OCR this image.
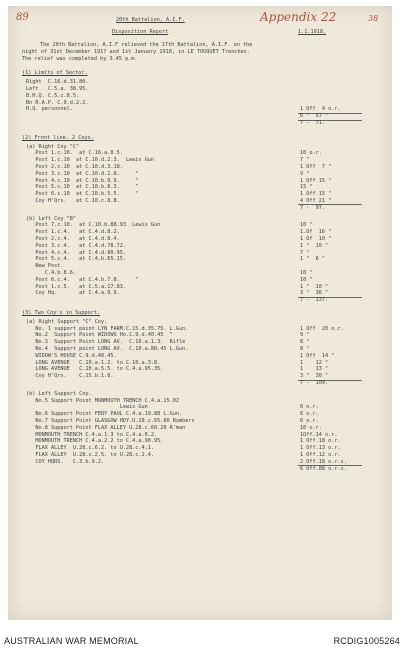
89	Appendix 22	38
20th Battalion, A.I.F.
Disposition Report	1.1.1918.
The 20th Battalion, A.I.F relieved the 17th Battalion, A.I.F. on the
night of 31st December 1917 and 1st January 1918, in LE TOUQUET Trenches.
The relief was completed by 3.45 p.m.
(1) Limits of Sector.
Right  C.16.d.31.80.
Left   C.5.a. 38.95.
B.H.Q. C.5.c.8.5.
Bn R.A.P. C.9.d.2.2.
H.Q. personnel.	1 Off  4 o.r.
6 "  57 "
7 -  71.
(2) Front line. 2 Coys.
(a) Right Coy "C"
Post 1.c.16.  at C.16.a.8.5.	10 o.r.
Post 1.c.10  at C.10.d.2.3.  Lewis Gun	7 "
Post 2.c.10  at C.10.d.3.18.	1 Off  7 "
Post 3.c.10  at C.10.d.2.8.     "	9 "
Post 4.c.10  at C.10.b.9.9.     "	1 Off 15 "
Post 5.c.10  at C.10.b.8.3.     "	15 "
Post 6.c.10  at C.10.b.5.5.     "	1 Off 15 "
Coy H'Qrs.   at C.10.c.8.8.	4 Off 21 "
7 -  97.
(b) Left Coy "B"
Post 7.c.10.  at C.10.b.88.93  Lewis Gun	10 "
Post 1.c.4.   at C.4.d.8.2.	1.Of  16 "
Post 2.c.4.   at C.4.d.8.4.	1 Of  10 "
Post 3.c.4.   at C.4.d.78.72.	1 "  10 "
Post 4.c.4.   at C.4.d.90.95.	7 "
Post 5.c.4.   at C.4.b.65.15.	1 "  6 "
New Post
C.4.b.8.6.	10 "
Post 6.c.4.   at C.4.b.7.8.     "	10 "
Post 1.c.5.   at C.5.a.17.83.	1 "  10 "
Coy Hq.       at C.4.a.9.9.	3 "  36 "
7 -  137.
(3) Two Coy's in Support.
(a) Right Support "C" Coy.
No. 1 support point LYN FARM.C.15.d.35.75. L.Gun.	1 Off  20 o.r.
No.2  Support Point WIDOWS Ho.C.9.d.40.45  "	9 "
No.3  Support Point LONG AV.  C.10.a.1.3.  Rifle	8 "
No.4  Support point LONG AV.  C.10.a.80.45 L.Gun.	8 "
WIDOW'S HOUSE C.9.d.40.45.	1 Off  14 "
LONG AVENUE   C.10.a.1.2. to C.10.a.3.8.	1    12 "
LONG AVENUE   C.10.a.5.5. to C.4.a.95.35.	1    13 "
Coy H'Qrs.    C.15.b.1.8.	3 "  30 "
7 -  109.
(b) Left Support Coy.
No.5 Support Point MONMOUTH TRENCH C.4.a.15.02
Lewis Gun	6 o.r.
No.6 Support Point FERY PAUL C.4.a.19.88 L.Gun.	6 o.r.
No.7 Support Point GLASGOW HDY.U.28.c.65.00 Bombers	6 o.r.
No.8 Support Point FLAX ALLEY U.28.c.60.20 R'man	10 o.r.
MONMOUTH TRENCH C.4.a.1.3 to C.4.a.8.2.	1Off.14 o.r.
MONMOUTH TRENCH C.4.a.2.2 to C.4.a.90.95.	1 Off.18 o.r.
FLAX ALLEY  U.28.c.6.2. to U.28.c.4.1.	1 Off.13 o.r.
FLAX ALLEY  U.28.c.2.5. to U.28.c.2.4.	1 Off.12 o.r.
COY HQRS.   C.3.b.9.2.	2 Off.18 o.r.s.
6 Off.88 o.r.s.
AUSTRALIAN WAR MEMORIAL	RCDIG1005264
